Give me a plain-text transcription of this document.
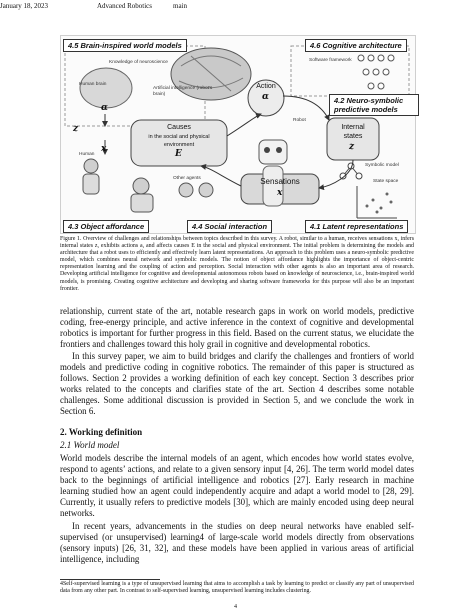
January 18, 2023	Advanced Robotics	main
4.5 Brain-inspired world models	4.6 Cognitive architecture
4.2 Neuro-symbolic predictive models
4.3 Object affordance	4.4 Social interaction	4.1 Latent representations
Knowledge of neuroscience	Software framework
Human brain
Artificial intelligence (robot's brain)
Action
α
Robot
Causes
in the social and physical
environment
E
Internal
states
z
Symbolic model
Other agents
Human
Sensations
x
State space
α
z
x
Figure 1. Overview of challenges and relationships between topics described in this survey. A robot, similar to a human, receives sensations x, infers internal states z, exhibits actions a, and affects causes E in the social and physical environment. The initial problem is determining the models and architecture that a robot uses to efficiently and effectively learn latent representations. An approach to this problem uses a neuro-symbolic predictive model, which combines neural network and symbolic models. The notion of object affordance highlights the importance of object-centric representation learning and the coupling of action and perception. Social interaction with other agents is also an important area of research. Developing artificial intelligence for cognitive and developmental autonomous robots based on knowledge of neuroscience, i.e., brain-inspired world models, is promising. Creating cognitive architecture and developing and sharing software frameworks for this purpose will also be an important frontier.

relationship, current state of the art, notable research gaps in work on world models, predictive coding, free-energy principle, and active inference in the context of cognitive and developmental robotics is important for further progress in this field. Based on the current status, we elucidate the frontiers and challenges toward this holy grail in cognitive and developmental robotics.

In this survey paper, we aim to build bridges and clarify the challenges and frontiers of world models and predictive coding in cognitive robotics. The remainder of this paper is structured as follows. Section 2 provides a working definition of each key concept. Section 3 describes prior works related to the concepts and clarifies state of the art. Section 4 describes some notable challenges. Some additional discussion is provided in Section 5, and we conclude the work in Section 6.

2. Working definition
2.1 World model

World models describe the internal models of an agent, which encodes how world states evolve, respond to agents’ actions, and relate to a given sensory input [4, 26]. The term world model dates back to the beginnings of artificial intelligence and robotics [27]. Early research in machine learning studied how an agent could independently acquire and adapt a world model to [28, 29]. Currently, it usually refers to predictive models [30], which are mainly encoded using deep neural networks.

In recent years, advancements in the studies on deep neural networks have enabled self-supervised (or unsupervised) learning4 of large-scale world models directly from observations (sensory inputs) [26, 31, 32], and these models have been applied in various areas of artificial intelligence, including

4Self-supervised learning is a type of unsupervised learning that aims to accomplish a task by learning to predict or classify any part of unsupervised data from any other part. In contrast to self-supervised learning, unsupervised learning includes clustering.
4
